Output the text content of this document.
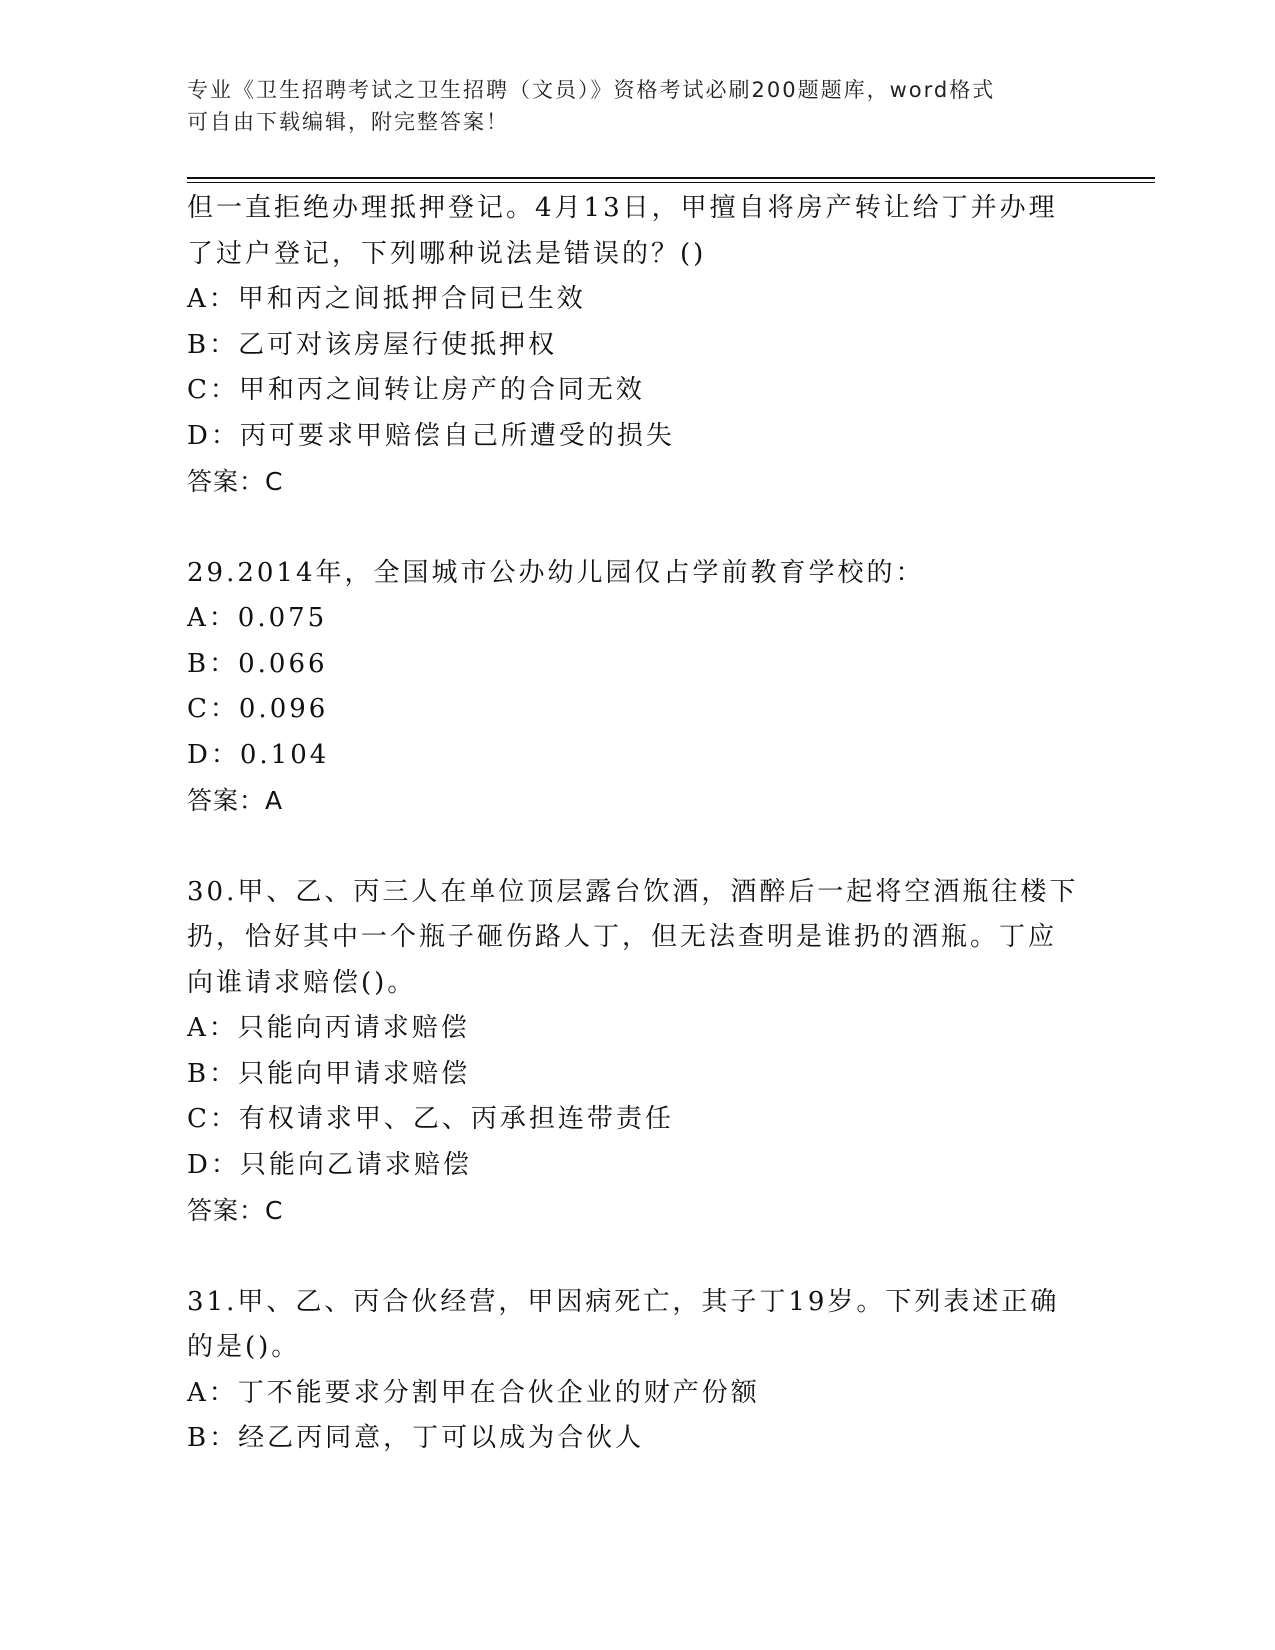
专业《卫生招聘考试之卫生招聘（文员）》资格考试必刷200题题库，word格式
可自由下载编辑，附完整答案！
但一直拒绝办理抵押登记。4月13日，甲擅自将房产转让给丁并办理
了过户登记，下列哪种说法是错误的？()
A：甲和丙之间抵押合同已生效
B：乙可对该房屋行使抵押权
C：甲和丙之间转让房产的合同无效
D：丙可要求甲赔偿自己所遭受的损失
答案：C
29.2014年，全国城市公办幼儿园仅占学前教育学校的：
A：0.075
B：0.066
C：0.096
D：0.104
答案：A
30.甲、乙、丙三人在单位顶层露台饮酒，酒醉后一起将空酒瓶往楼下
扔，恰好其中一个瓶子砸伤路人丁，但无法查明是谁扔的酒瓶。丁应
向谁请求赔偿()。
A：只能向丙请求赔偿
B：只能向甲请求赔偿
C：有权请求甲、乙、丙承担连带责任
D：只能向乙请求赔偿
答案：C
31.甲、乙、丙合伙经营，甲因病死亡，其子丁19岁。下列表述正确
的是()。
A：丁不能要求分割甲在合伙企业的财产份额
B：经乙丙同意，丁可以成为合伙人
